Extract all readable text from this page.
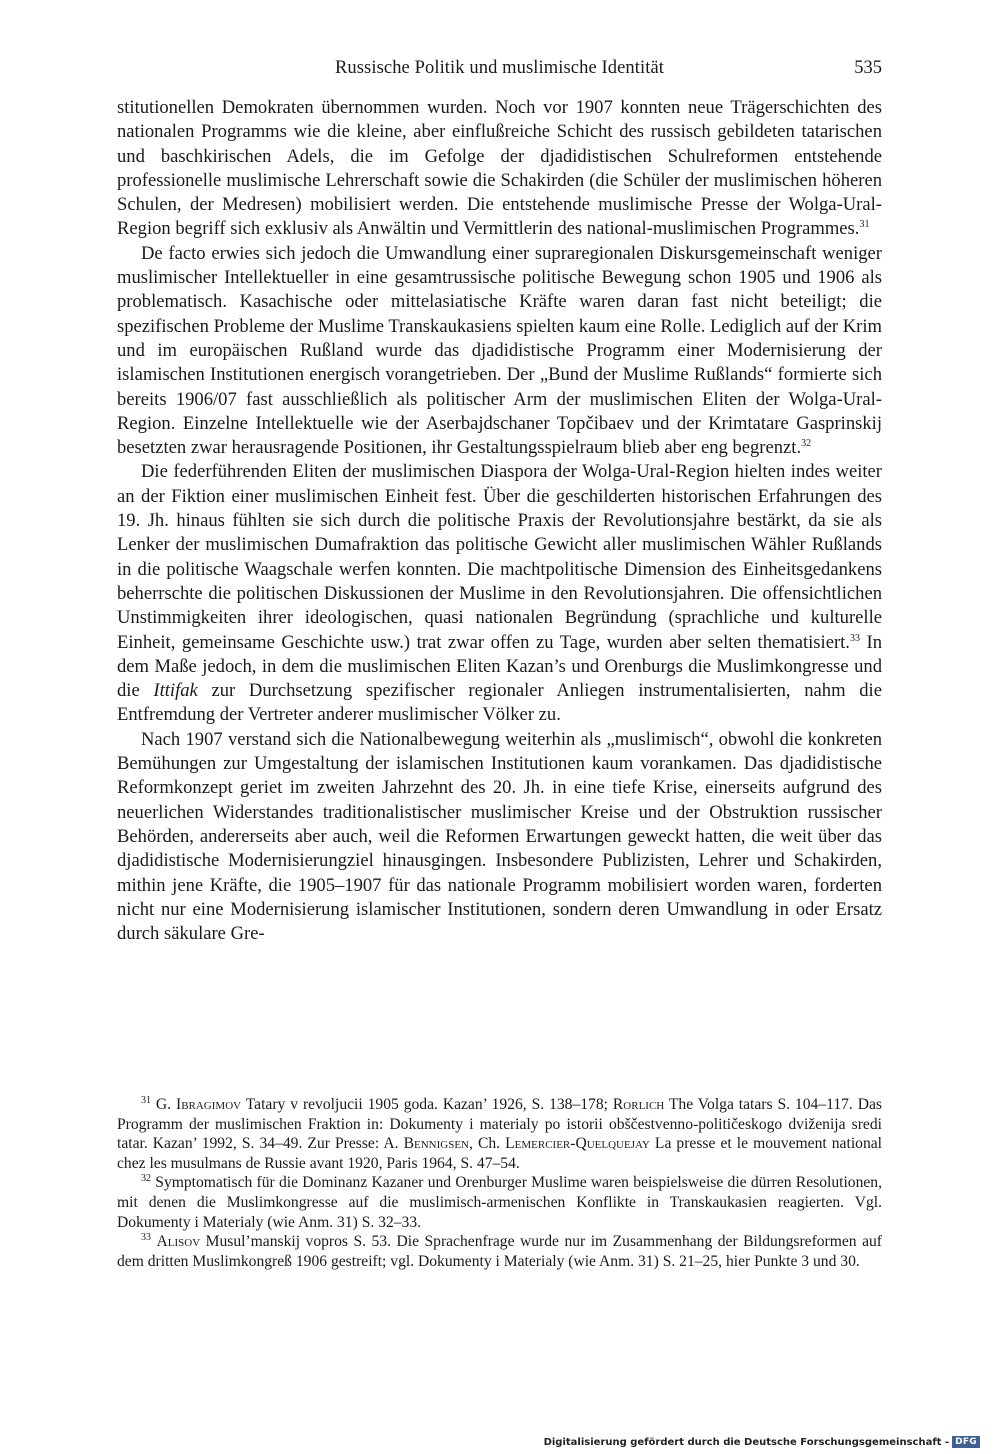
Russische Politik und muslimische Identität	535

stitutionellen Demokraten übernommen wurden. Noch vor 1907 konnten neue Trägerschichten des nationalen Programms wie die kleine, aber einflußreiche Schicht des russisch gebildeten tatarischen und baschkirischen Adels, die im Gefolge der djadidistischen Schulreformen entstehende professionelle muslimische Lehrerschaft sowie die Schakirden (die Schüler der muslimischen höheren Schulen, der Medresen) mobilisiert werden. Die entstehende muslimische Presse der Wolga-Ural-Region begriff sich exklusiv als Anwältin und Vermittlerin des national-muslimischen Programmes.$^{31}$

De facto erwies sich jedoch die Umwandlung einer supraregionalen Diskursgemeinschaft weniger muslimischer Intellektueller in eine gesamtrussische politische Bewegung schon 1905 und 1906 als problematisch. Kasachische oder mittelasiatische Kräfte waren daran fast nicht beteiligt; die spezifischen Probleme der Muslime Transkaukasiens spielten kaum eine Rolle. Lediglich auf der Krim und im europäischen Rußland wurde das djadidistische Programm einer Modernisierung der islamischen Institutionen energisch vorangetrieben. Der „Bund der Muslime Rußlands“ formierte sich bereits 1906/07 fast ausschließlich als politischer Arm der muslimischen Eliten der Wolga-Ural-Region. Einzelne Intellektuelle wie der Aserbajdschaner Topčibaev und der Krimtatare Gasprinskij besetzten zwar herausragende Positionen, ihr Gestaltungsspielraum blieb aber eng begrenzt.$^{32}$

Die federführenden Eliten der muslimischen Diaspora der Wolga-Ural-Region hielten indes weiter an der Fiktion einer muslimischen Einheit fest. Über die geschilderten historischen Erfahrungen des 19. Jh. hinaus fühlten sie sich durch die politische Praxis der Revolutionsjahre bestärkt, da sie als Lenker der muslimischen Dumafraktion das politische Gewicht aller muslimischen Wähler Rußlands in die politische Waagschale werfen konnten. Die machtpolitische Dimension des Einheitsgedankens beherrschte die politischen Diskussionen der Muslime in den Revolutionsjahren. Die offensichtlichen Unstimmigkeiten ihrer ideologischen, quasi nationalen Begründung (sprachliche und kulturelle Einheit, gemeinsame Geschichte usw.) trat zwar offen zu Tage, wurden aber selten thematisiert.$^{33}$ In dem Maße jedoch, in dem die muslimischen Eliten Kazan’s und Orenburgs die Muslimkongresse und die Ittifak zur Durchsetzung spezifischer regionaler Anliegen instrumentalisierten, nahm die Entfremdung der Vertreter anderer muslimischer Völker zu.

Nach 1907 verstand sich die Nationalbewegung weiterhin als „muslimisch“, obwohl die konkreten Bemühungen zur Umgestaltung der islamischen Institutionen kaum vorankamen. Das djadidistische Reformkonzept geriet im zweiten Jahrzehnt des 20. Jh. in eine tiefe Krise, einerseits aufgrund des neuerlichen Widerstandes traditionalistischer muslimischer Kreise und der Obstruktion russischer Behörden, andererseits aber auch, weil die Reformen Erwartungen geweckt hatten, die weit über das djadidistische Modernisierungziel hinausgingen. Insbesondere Publizisten, Lehrer und Schakirden, mithin jene Kräfte, die 1905–1907 für das nationale Programm mobilisiert worden waren, forderten nicht nur eine Modernisierung islamischer Institutionen, sondern deren Umwandlung in oder Ersatz durch säkulare Gre-

$^{31}$ G. Ibragimov Tatary v revoljucii 1905 goda. Kazan’ 1926, S. 138–178; Rorlich The Volga tatars S. 104–117. Das Programm der muslimischen Fraktion in: Dokumenty i materialy po istorii obščestvenno-političeskogo dviženija sredi tatar. Kazan’ 1992, S. 34–49. Zur Presse: A. Bennigsen, Ch. Lemercier-Quelquejay La presse et le mouvement national chez les musulmans de Russie avant 1920, Paris 1964, S. 47–54.

$^{32}$ Symptomatisch für die Dominanz Kazaner und Orenburger Muslime waren beispielsweise die dürren Resolutionen, mit denen die Muslimkongresse auf die muslimisch-armenischen Konflikte in Transkaukasien reagierten. Vgl. Dokumenty i Materialy (wie Anm. 31) S. 32–33.

$^{33}$ Alisov Musul’manskij vopros S. 53. Die Sprachenfrage wurde nur im Zusammenhang der Bildungsreformen auf dem dritten Muslimkongreß 1906 gestreift; vgl. Dokumenty i Materialy (wie Anm. 31) S. 21–25, hier Punkte 3 und 30.

Digitalisierung gefördert durch die Deutsche Forschungsgemeinschaft - DFG
